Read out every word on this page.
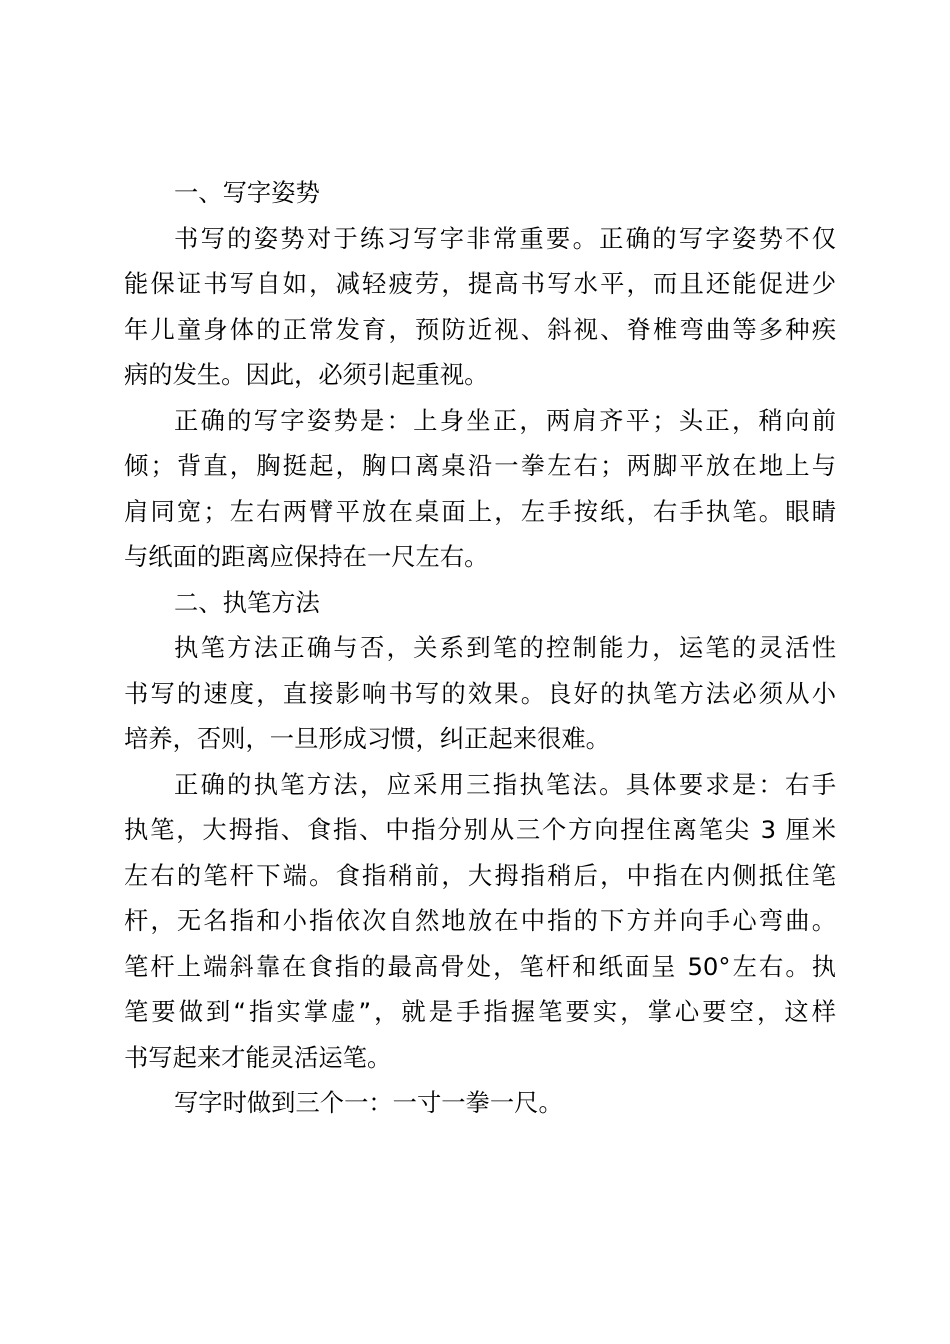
一、写字姿势
书写的姿势对于练习写字非常重要。正确的写字姿势不仅
能保证书写自如，减轻疲劳，提高书写水平，而且还能促进少
年儿童身体的正常发育，预防近视、斜视、脊椎弯曲等多种疾
病的发生。因此，必须引起重视。
正确的写字姿势是：上身坐正，两肩齐平；头正，稍向前
倾；背直，胸挺起，胸口离桌沿一拳左右；两脚平放在地上与
肩同宽；左右两臂平放在桌面上，左手按纸，右手执笔。眼睛
与纸面的距离应保持在一尺左右。
二、执笔方法
执笔方法正确与否，关系到笔的控制能力，运笔的灵活性
书写的速度，直接影响书写的效果。良好的执笔方法必须从小
培养，否则，一旦形成习惯，纠正起来很难。
正确的执笔方法，应采用三指执笔法。具体要求是：右手
执笔，大拇指、食指、中指分别从三个方向捏住离笔尖 3 厘米
左右的笔杆下端。食指稍前，大拇指稍后，中指在内侧抵住笔
杆，无名指和小指依次自然地放在中指的下方并向手心弯曲。
笔杆上端斜靠在食指的最高骨处，笔杆和纸面呈 50°左右。执
笔要做到“指实掌虚”，就是手指握笔要实，掌心要空，这样
书写起来才能灵活运笔。
写字时做到三个一：一寸一拳一尺。
